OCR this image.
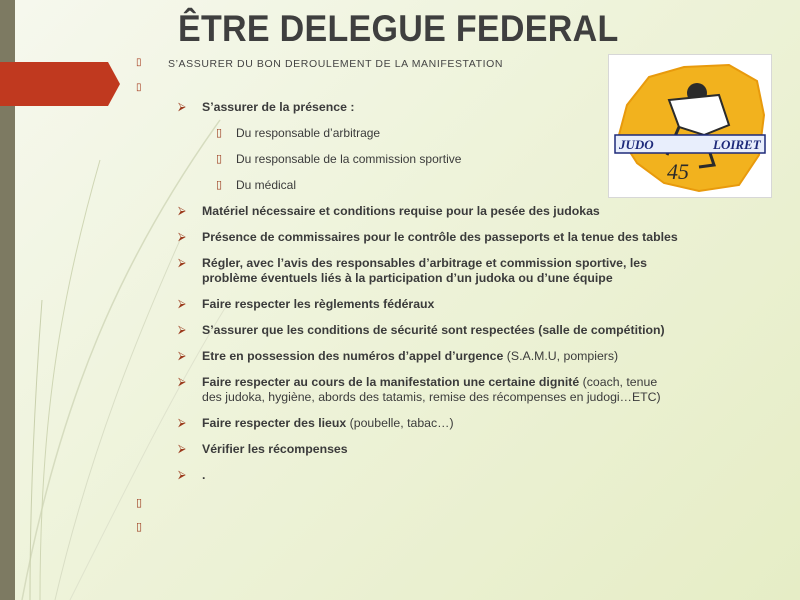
ÊTRE DELEGUE FEDERAL
▯	S’ASSURER DU BON DEROULEMENT DE LA MANIFESTATION
▯
JUDO	LOIRET
45
⮚ S’assurer de la présence :
▯ Du responsable d’arbitrage
▯ Du responsable de la commission sportive
▯ Du médical
⮚ Matériel nécessaire et conditions requise pour la pesée des judokas
⮚ Présence de commissaires pour le contrôle des passeports et la tenue des tables
⮚ Régler, avec l’avis des responsables d’arbitrage et commission sportive, les problème éventuels liés à la participation d’un judoka ou d’une équipe
⮚ Faire respecter les règlements fédéraux
⮚ S’assurer que les conditions de sécurité sont respectées (salle de compétition)
⮚ Etre en possession des numéros d’appel d’urgence (S.A.M.U, pompiers)
⮚ Faire respecter au cours de la manifestation une certaine dignité (coach, tenue des judoka, hygiène, abords des tatamis, remise des récompenses en judogi…ETC)
⮚ Faire respecter des lieux (poubelle, tabac…)
⮚ Vérifier les récompenses
⮚ .
▯
▯
